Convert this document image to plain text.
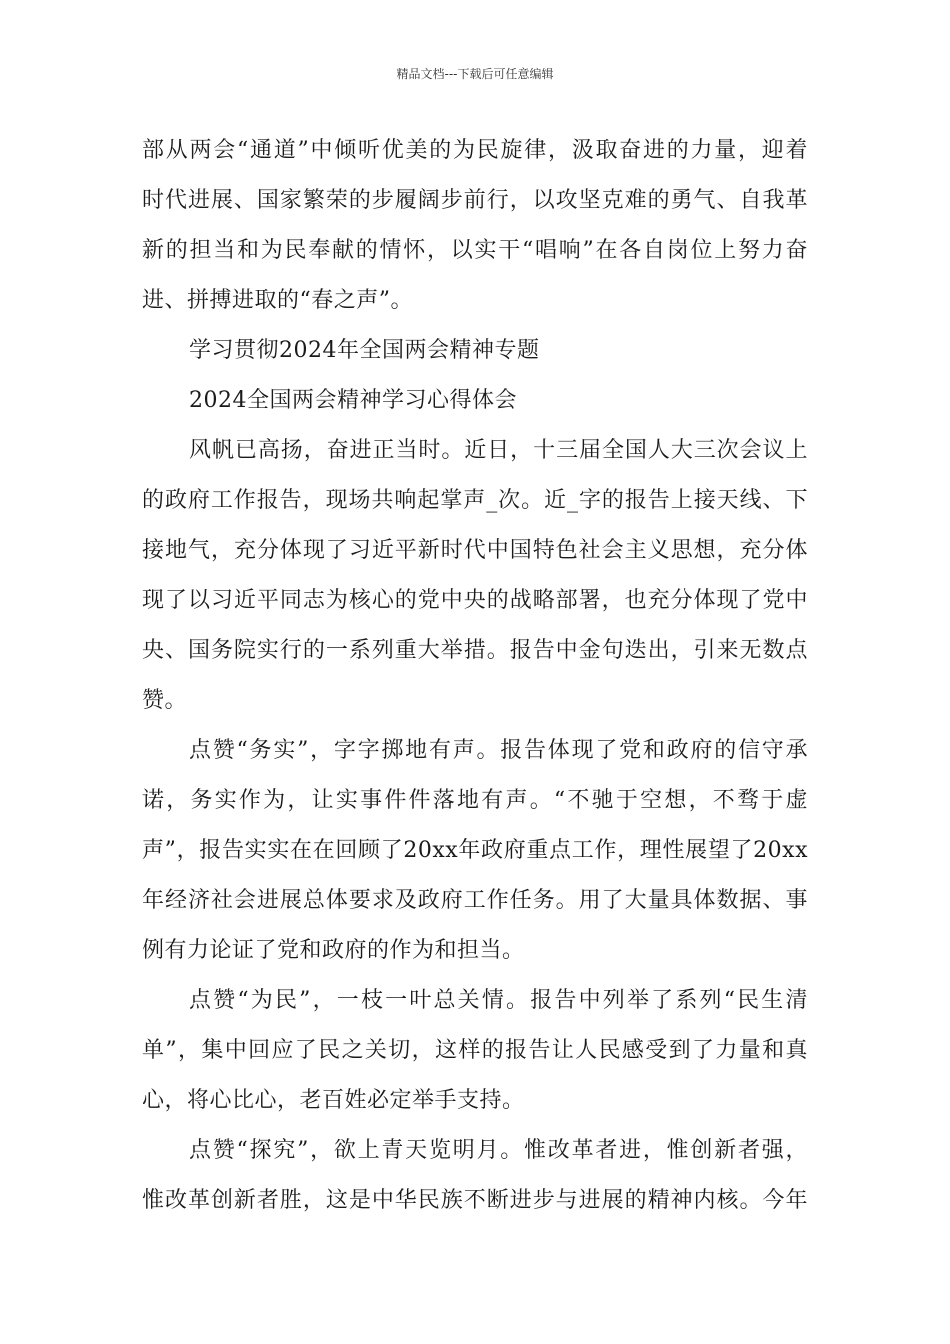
精品文档---下载后可任意编辑
部从两会“通道”中倾听优美的为民旋律，汲取奋进的力量，迎着
时代进展、国家繁荣的步履阔步前行，以攻坚克难的勇气、自我革
新的担当和为民奉献的情怀，以实干“唱响”在各自岗位上努力奋
进、拼搏进取的“春之声”。
学习贯彻2024年全国两会精神专题
2024全国两会精神学习心得体会
风帆已高扬，奋进正当时。近日，十三届全国人大三次会议上
的政府工作报告，现场共响起掌声_次。近_字的报告上接天线、下
接地气，充分体现了习近平新时代中国特色社会主义思想，充分体
现了以习近平同志为核心的党中央的战略部署，也充分体现了党中
央、国务院实行的一系列重大举措。报告中金句迭出，引来无数点
赞。
点赞“务实”，字字掷地有声。报告体现了党和政府的信守承
诺，务实作为，让实事件件落地有声。“不驰于空想，不骛于虚
声”，报告实实在在回顾了20xx年政府重点工作，理性展望了20xx
年经济社会进展总体要求及政府工作任务。用了大量具体数据、事
例有力论证了党和政府的作为和担当。
点赞“为民”，一枝一叶总关情。报告中列举了系列“民生清
单”，集中回应了民之关切，这样的报告让人民感受到了力量和真
心，将心比心，老百姓必定举手支持。
点赞“探究”，欲上青天览明月。惟改革者进，惟创新者强，
惟改革创新者胜，这是中华民族不断进步与进展的精神内核。今年
